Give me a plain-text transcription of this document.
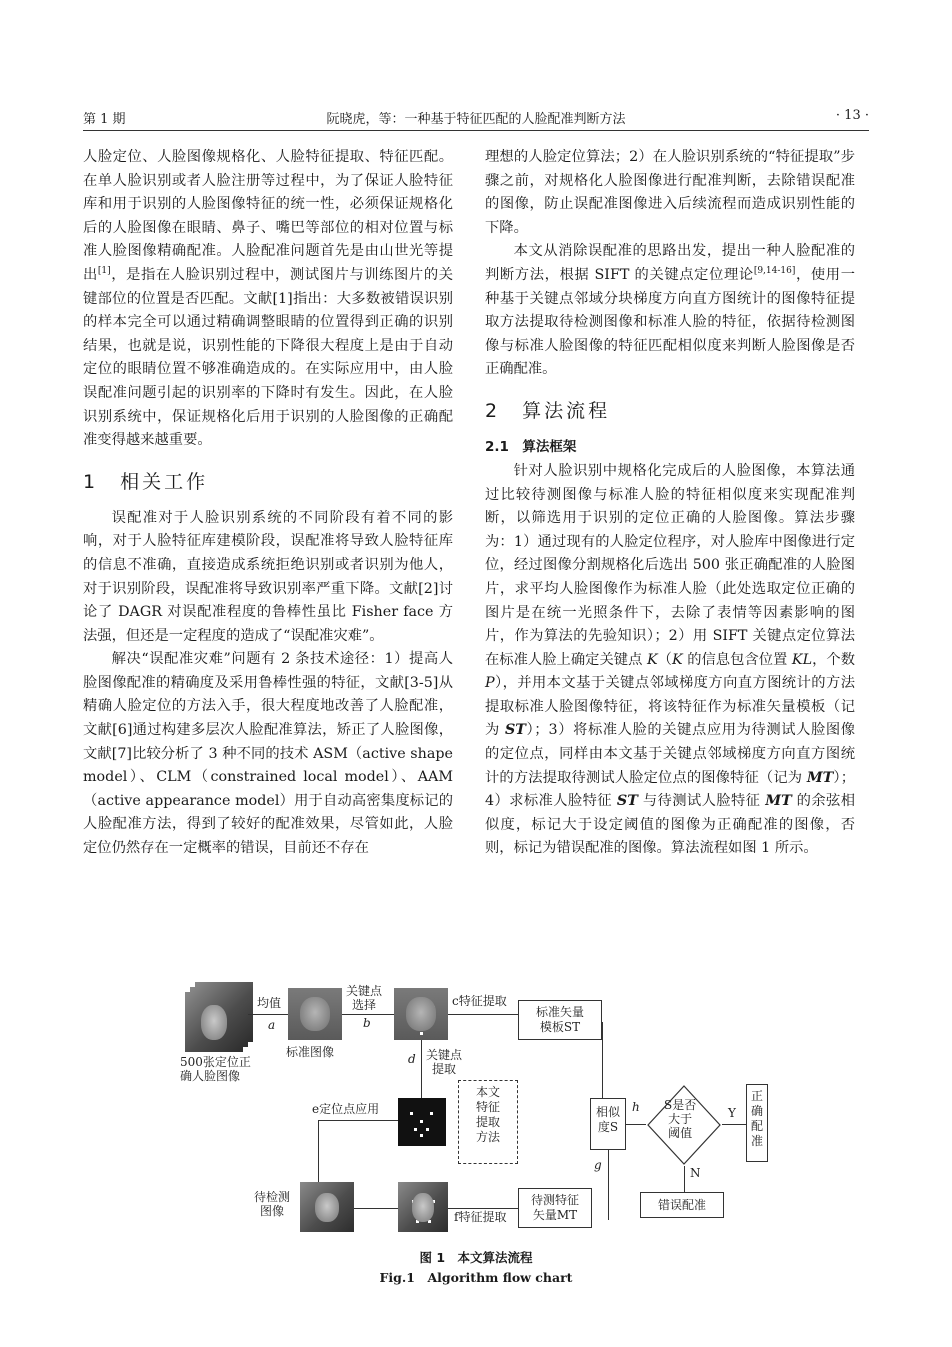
第 1 期	阮晓虎，等：一种基于特征匹配的人脸配准判断方法	· 13 ·

人脸定位、人脸图像规格化、人脸特征提取、特征匹配。在单人脸识别或者人脸注册等过程中，为了保证人脸特征库和用于识别的人脸图像特征的统一性，必须保证规格化后的人脸图像在眼睛、鼻子、嘴巴等部位的相对位置与标准人脸图像精确配准。人脸配准问题首先是由山世光等提出[1]，是指在人脸识别过程中，测试图片与训练图片的关键部位的位置是否匹配。文献[1]指出：大多数被错误识别的样本完全可以通过精确调整眼睛的位置得到正确的识别结果，也就是说，识别性能的下降很大程度上是由于自动定位的眼睛位置不够准确造成的。在实际应用中，由人脸误配准问题引起的识别率的下降时有发生。因此，在人脸识别系统中，保证规格化后用于识别的人脸图像的正确配准变得越来越重要。

1　相关工作

误配准对于人脸识别系统的不同阶段有着不同的影响，对于人脸特征库建模阶段，误配准将导致人脸特征库的信息不准确，直接造成系统拒绝识别或者识别为他人，对于识别阶段，误配准将导致识别率严重下降。文献[2]讨论了 DAGR 对误配准程度的鲁棒性虽比 Fisher face 方法强，但还是一定程度的造成了“误配准灾难”。

解决“误配准灾难”问题有 2 条技术途径：1）提高人脸图像配准的精确度及采用鲁棒性强的特征，文献[3-5]从精确人脸定位的方法入手，很大程度地改善了人脸配准，文献[6]通过构建多层次人脸配准算法，矫正了人脸图像，文献[7]比较分析了 3 种不同的技术 ASM（active shape model）、CLM（constrained local model）、AAM（active appearance model）用于自动高密集度标记的人脸配准方法，得到了较好的配准效果，尽管如此，人脸定位仍然存在一定概率的错误，目前还不存在

理想的人脸定位算法；2）在人脸识别系统的“特征提取”步骤之前，对规格化人脸图像进行配准判断，去除错误配准的图像，防止误配准图像进入后续流程而造成识别性能的下降。

本文从消除误配准的思路出发，提出一种人脸配准的判断方法，根据 SIFT 的关键点定位理论[9,14-16]，使用一种基于关键点邻域分块梯度方向直方图统计的图像特征提取方法提取待检测图像和标准人脸的特征，依据待检测图像与标准人脸图像的特征匹配相似度来判断人脸图像是否正确配准。

2　算法流程
2.1　算法框架

针对人脸识别中规格化完成后的人脸图像，本算法通过比较待测图像与标准人脸的特征相似度来实现配准判断，以筛选用于识别的定位正确的人脸图像。算法步骤为：1）通过现有的人脸定位程序，对人脸库中图像进行定位，经过图像分割规格化后选出 500 张正确配准的人脸图片，求平均人脸图像作为标准人脸（此处选取定位正确的图片是在统一光照条件下，去除了表情等因素影响的图片，作为算法的先验知识）；2）用 SIFT 关键点定位算法在标准人脸上确定关键点 K（K 的信息包含位置 KL，个数 P），并用本文基于关键点邻域梯度方向直方图统计的方法提取标准人脸图像特征，将该特征作为标准矢量模板（记为 ST）；3）将标准人脸的关键点应用为待测试人脸图像的定位点，同样由本文基于关键点邻域梯度方向直方图统计的方法提取待测试人脸定位点的图像特征（记为 MT）；4）求标准人脸特征 ST 与待测试人脸特征 MT 的余弦相似度，标记大于设定阈值的图像为正确配准的图像，否则，标记为错误配准的图像。算法流程如图 1 所示。

500张定位正
确人脸图像
均值
a
标准图像
关键点
选择
b
c特征提取
标准矢量
模板ST
d 关键点
提取
e定位点应用
本文
特征
提取
方法
相似
度S
h
g
S是否
大于
阈值
Y
正
确
配
准
N
错误配准
待检测
图像	f特征提取
待测特征
矢量MT
图 1　本文算法流程
Fig.1　Algorithm flow chart
